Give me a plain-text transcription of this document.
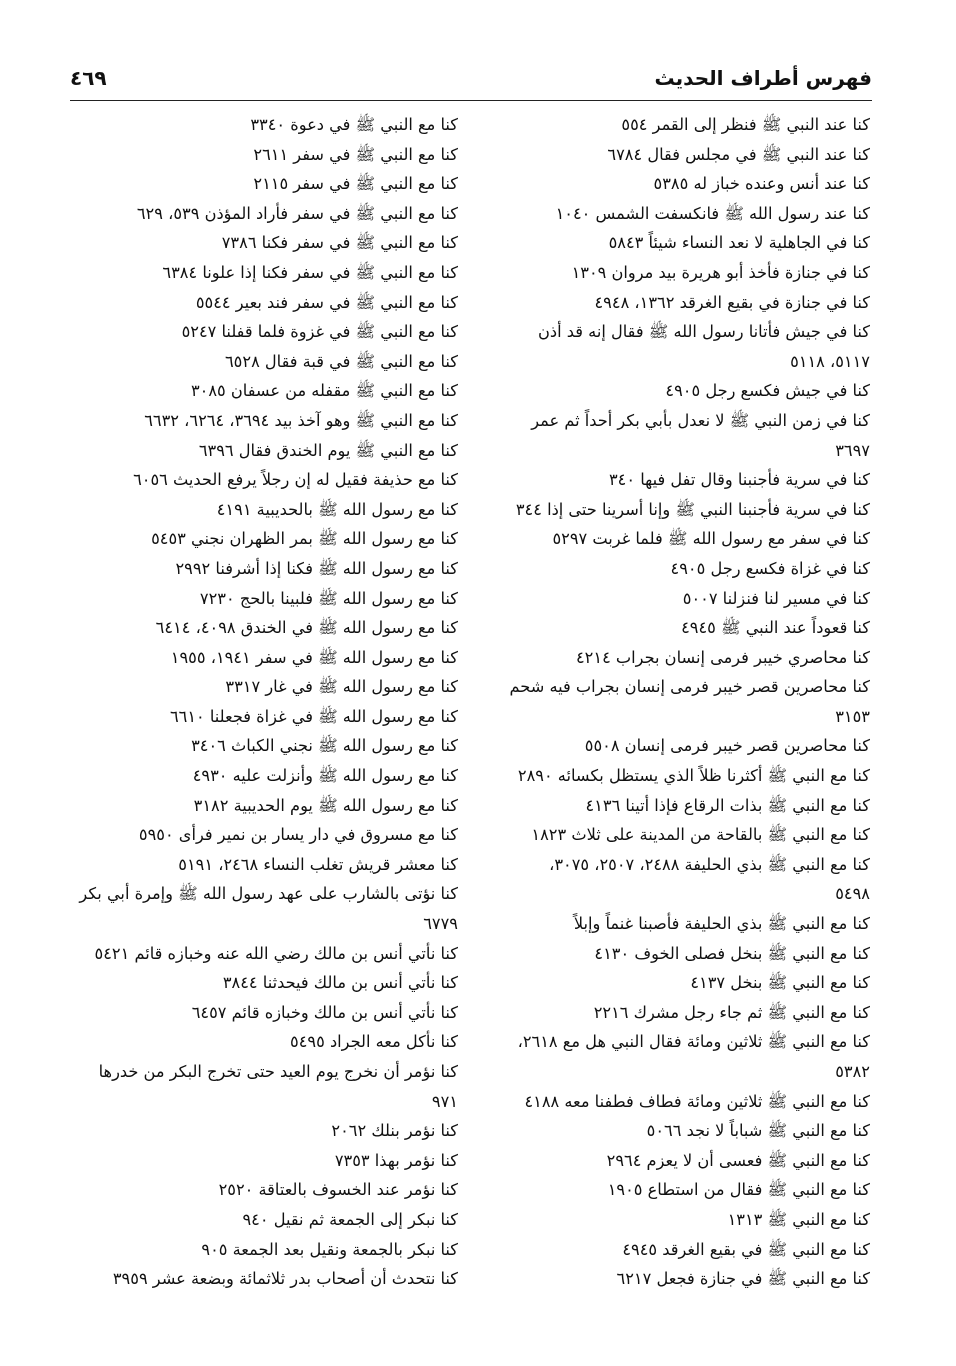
فهرس أطراف الحديث
٤٦٩
كنا عند النبي ﷺ فنظر إلى القمر ٥٥٤
كنا عند النبي ﷺ في مجلس فقال ٦٧٨٤
كنا عند أنس وعنده خباز له ٥٣٨٥
كنا عند رسول الله ﷺ فانكسفت الشمس ١٠٤٠
كنا في الجاهلية لا نعد النساء شيئاً ٥٨٤٣
كنا في جنازة فأخذ أبو هريرة بيد مروان ١٣٠٩
كنا في جنازة في بقيع الغرقد ١٣٦٢، ٤٩٤٨
كنا في جيش فأتانا رسول الله ﷺ فقال إنه قد أذن
٥١١٧، ٥١١٨
كنا في جيش فكسع رجل ٤٩٠٥
كنا في زمن النبي ﷺ لا نعدل بأبي بكر أحداً ثم عمر
٣٦٩٧
كنا في سرية فأجنبنا وقال تفل فيها ٣٤٠
كنا في سرية فأجنبنا النبي ﷺ وإنا أسرينا حتى إذا ٣٤٤
كنا في سفر مع رسول الله ﷺ فلما غربت ٥٢٩٧
كنا في غزاة فكسع رجل ٤٩٠٥
كنا في مسير لنا فنزلنا ٥٠٠٧
كنا قعوداً عند النبي ﷺ ٤٩٤٥
كنا محاصري خيبر فرمى إنسان بجراب ٤٢١٤
كنا محاصرين قصر خيبر فرمى إنسان بجراب فيه شحم
٣١٥٣
كنا محاصرين قصر خيبر فرمى إنسان ٥٥٠٨
كنا مع النبي ﷺ أكثرنا ظلاً الذي يستظل بكسائه ٢٨٩٠
كنا مع النبي ﷺ بذات الرقاع فإذا أتينا ٤١٣٦
كنا مع النبي ﷺ بالقاحة من المدينة على ثلاث ١٨٢٣
كنا مع النبي ﷺ بذي الحليفة ٢٤٨٨، ٢٥٠٧، ٣٠٧٥،
٥٤٩٨
كنا مع النبي ﷺ بذي الحليفة فأصبنا غنماً وإبلاً
كنا مع النبي ﷺ بنخل فصلى الخوف ٤١٣٠
كنا مع النبي ﷺ بنخل ٤١٣٧
كنا مع النبي ﷺ ثم جاء رجل مشرك ٢٢١٦
كنا مع النبي ﷺ ثلاثين ومائة فقال النبي هل مع ٢٦١٨،
٥٣٨٢
كنا مع النبي ﷺ ثلاثين ومائة فطاف فطفنا معه ٤١٨٨
كنا مع النبي ﷺ شباباً لا نجد ٥٠٦٦
كنا مع النبي ﷺ فعسى أن لا يعزم ٢٩٦٤
كنا مع النبي ﷺ فقال من استطاع ١٩٠٥
كنا مع النبي ﷺ ١٣١٣
كنا مع النبي ﷺ في بقيع الغرقد ٤٩٤٥
كنا مع النبي ﷺ في جنازة فجعل ٦٢١٧
كنا مع النبي ﷺ في دعوة ٣٣٤٠
كنا مع النبي ﷺ في سفر ٢٦١١
كنا مع النبي ﷺ في سفر ٢١١٥
كنا مع النبي ﷺ في سفر فأراد المؤذن ٥٣٩، ٦٢٩
كنا مع النبي ﷺ في سفر فكنا ٧٣٨٦
كنا مع النبي ﷺ في سفر فكنا إذا علونا ٦٣٨٤
كنا مع النبي ﷺ في سفر فند بعير ٥٥٤٤
كنا مع النبي ﷺ في غزوة فلما قفلنا ٥٢٤٧
كنا مع النبي ﷺ في قبة فقال ٦٥٢٨
كنا مع النبي ﷺ مقفله من عسفان ٣٠٨٥
كنا مع النبي ﷺ وهو آخذ بيد ٣٦٩٤، ٦٢٦٤، ٦٦٣٢
كنا مع النبي ﷺ يوم الخندق فقال ٦٣٩٦
كنا مع حذيفة فقيل له إن رجلاً يرفع الحديث ٦٠٥٦
كنا مع رسول الله ﷺ بالحديبية ٤١٩١
كنا مع رسول الله ﷺ بمر الظهران نجني ٥٤٥٣
كنا مع رسول الله ﷺ فكنا إذا أشرفنا ٢٩٩٢
كنا مع رسول الله ﷺ فلبينا بالحج ٧٢٣٠
كنا مع رسول الله ﷺ في الخندق ٤٠٩٨، ٦٤١٤
كنا مع رسول الله ﷺ في سفر ١٩٤١، ١٩٥٥
كنا مع رسول الله ﷺ في غار ٣٣١٧
كنا مع رسول الله ﷺ في غزاة فجعلنا ٦٦١٠
كنا مع رسول الله ﷺ نجني الكباث ٣٤٠٦
كنا مع رسول الله ﷺ وأنزلت عليه ٤٩٣٠
كنا مع رسول الله ﷺ يوم الحديبية ٣١٨٢
كنا مع مسروق في دار يسار بن نمير فرأى ٥٩٥٠
كنا معشر قريش تغلب النساء ٢٤٦٨، ٥١٩١
كنا نؤتى بالشارب على عهد رسول الله ﷺ وإمرة أبي بكر
٦٧٧٩
كنا نأتي أنس بن مالك رضي الله عنه وخبازه قائم ٥٤٢١
كنا نأتي أنس بن مالك فيحدثنا ٣٨٤٤
كنا نأتي أنس بن مالك وخبازه قائم ٦٤٥٧
كنا نأكل معه الجراد ٥٤٩٥
كنا نؤمر أن نخرج يوم العيد حتى تخرج البكر من خدرها
٩٧١
كنا نؤمر بنلك ٢٠٦٢
كنا نؤمر بهذا ٧٣٥٣
كنا نؤمر عند الخسوف بالعتاقة ٢٥٢٠
كنا نبكر إلى الجمعة ثم نقيل ٩٤٠
كنا نبكر بالجمعة ونقيل بعد الجمعة ٩٠٥
كنا نتحدث أن أصحاب بدر ثلاثمائة وبضعة عشر ٣٩٥٩
